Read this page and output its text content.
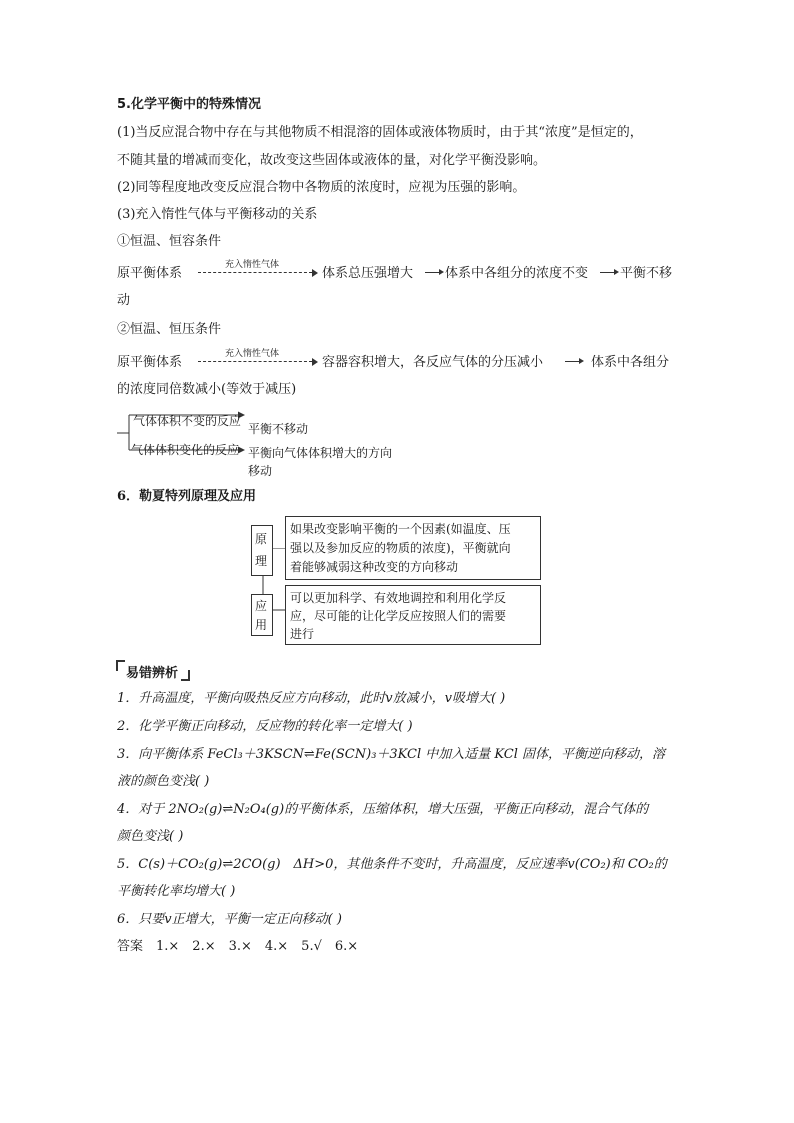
5.化学平衡中的特殊情况
(1)当反应混合物中存在与其他物质不相混溶的固体或液体物质时，由于其“浓度”是恒定的，
不随其量的增减而变化，故改变这些固体或液体的量，对化学平衡没影响。
(2)同等程度地改变反应混合物中各物质的浓度时，应视为压强的影响。
(3)充入惰性气体与平衡移动的关系
①恒温、恒容条件
原平衡体系
充入惰性气体
体系总压强增大 体系中各组分的浓度不变 平衡不移
动
②恒温、恒压条件
原平衡体系
充入惰性气体
容器容积增大，各反应气体的分压减小	体系中各组分
的浓度同倍数减小(等效于减压)
气体体积不变的反应
平衡不移动
气体体积变化的反应 平衡向气体体积增大的方向
移动
6．勒夏特列原理及应用
原
理
如果改变影响平衡的一个因素(如温度、压
强以及参加反应的物质的浓度)，平衡就向
着能够减弱这种改变的方向移动
应
用
可以更加科学、有效地调控和利用化学反
应，尽可能的让化学反应按照人们的需要
进行
易错辨析
1．升高温度，平衡向吸热反应方向移动，此时v放减小，v吸增大( )
2．化学平衡正向移动，反应物的转化率一定增大( )
3．向平衡体系 FeCl₃＋3KSCN⇌Fe(SCN)₃＋3KCl 中加入适量 KCl 固体，平衡逆向移动，溶
液的颜色变浅( )
4．对于 2NO₂(g)⇌N₂O₄(g)的平衡体系，压缩体积，增大压强，平衡正向移动，混合气体的
颜色变浅( )
5．C(s)＋CO₂(g)⇌2CO(g)　ΔH>0，其他条件不变时，升高温度，反应速率v(CO₂)和 CO₂的
平衡转化率均增大( )
6．只要v正增大，平衡一定正向移动( )
答案　1.×　2.×　3.×　4.×　5.√　6.×
